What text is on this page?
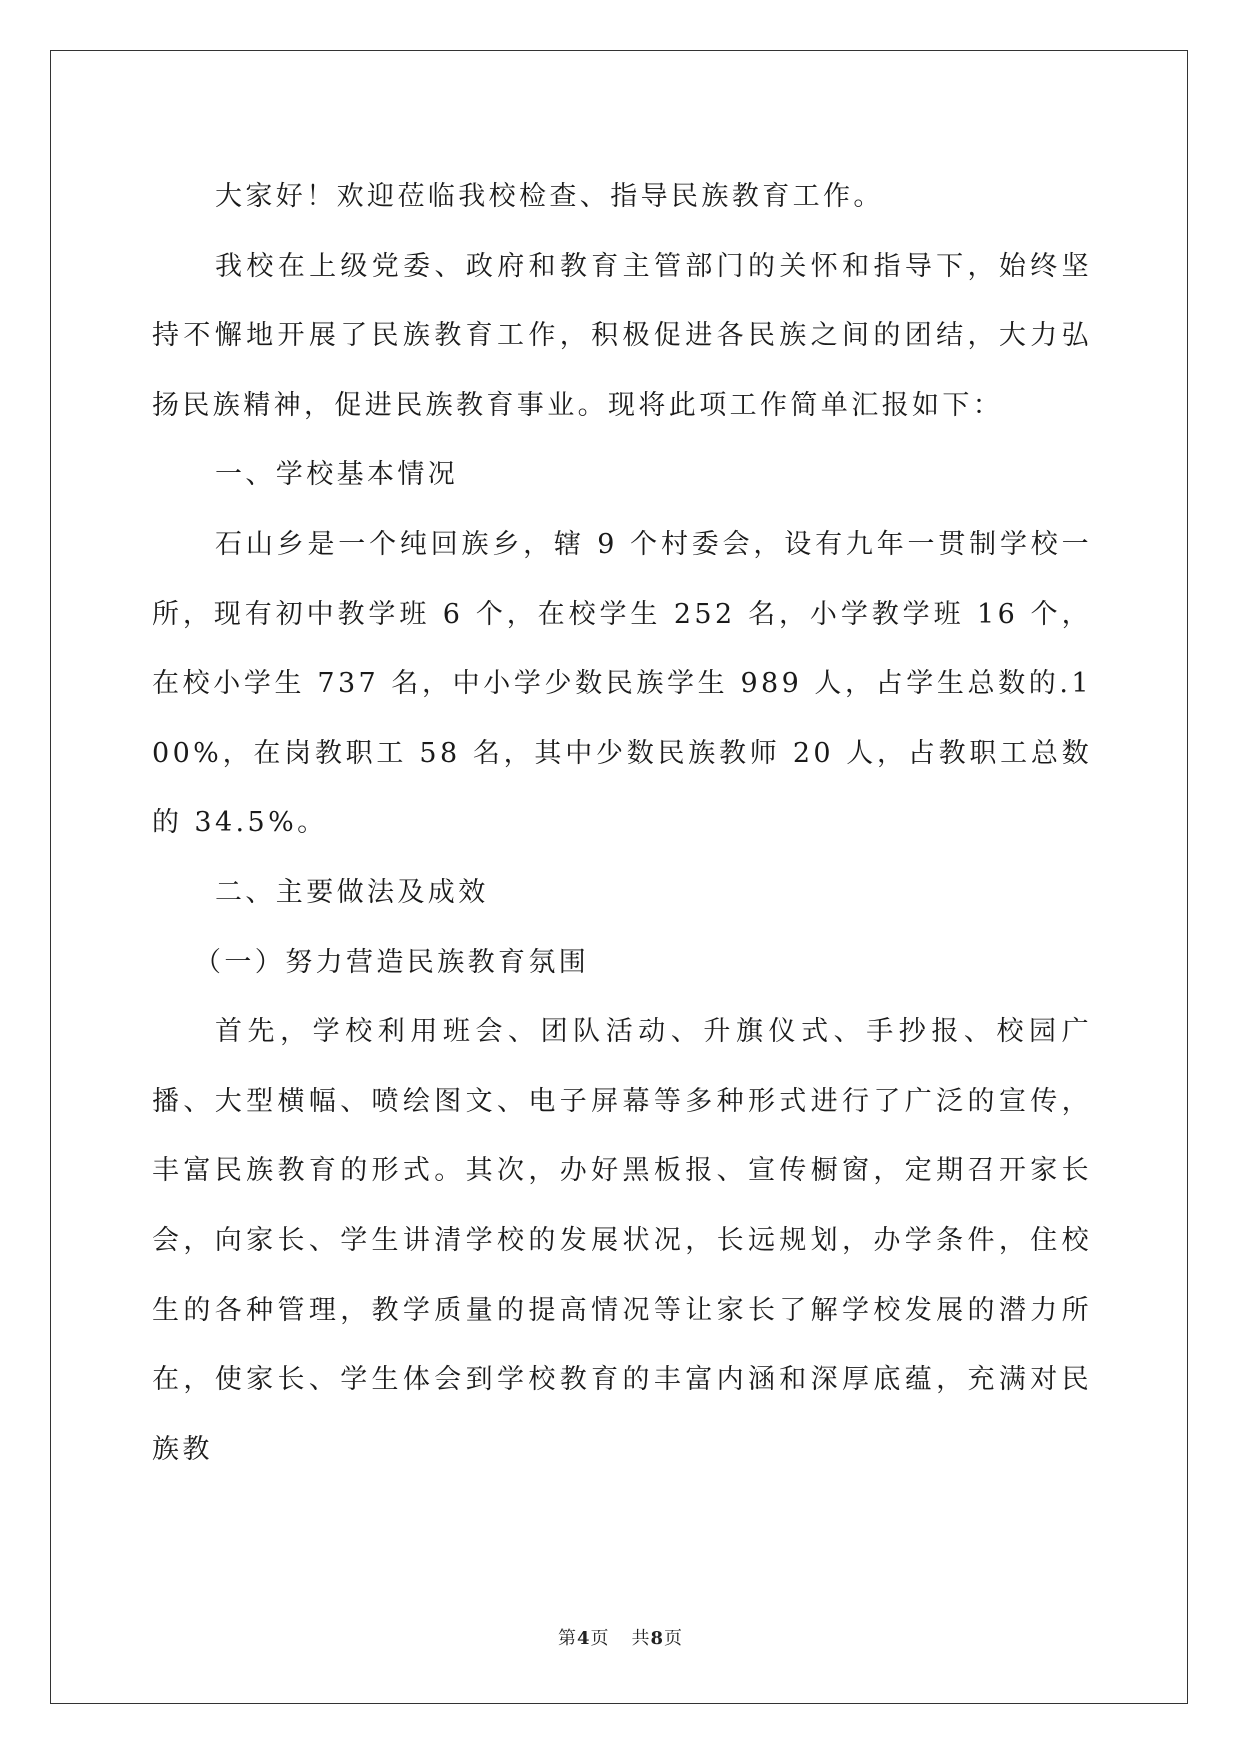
大家好！欢迎莅临我校检查、指导民族教育工作。

我校在上级党委、政府和教育主管部门的关怀和指导下，始终坚持不懈地开展了民族教育工作，积极促进各民族之间的团结，大力弘扬民族精神，促进民族教育事业。现将此项工作简单汇报如下：

一、学校基本情况

石山乡是一个纯回族乡，辖 9 个村委会，设有九年一贯制学校一所，现有初中教学班 6 个，在校学生 252 名，小学教学班 16 个，在校小学生 737 名，中小学少数民族学生 989 人，占学生总数的.100%，在岗教职工 58 名，其中少数民族教师 20 人，占教职工总数的 34.5%。

二、主要做法及成效

（一）努力营造民族教育氛围

首先，学校利用班会、团队活动、升旗仪式、手抄报、校园广播、大型横幅、喷绘图文、电子屏幕等多种形式进行了广泛的宣传，丰富民族教育的形式。其次，办好黑板报、宣传橱窗，定期召开家长会，向家长、学生讲清学校的发展状况，长远规划，办学条件，住校生的各种管理，教学质量的提高情况等让家长了解学校发展的潜力所在，使家长、学生体会到学校教育的丰富内涵和深厚底蕴，充满对民族教

第4页 共8页
